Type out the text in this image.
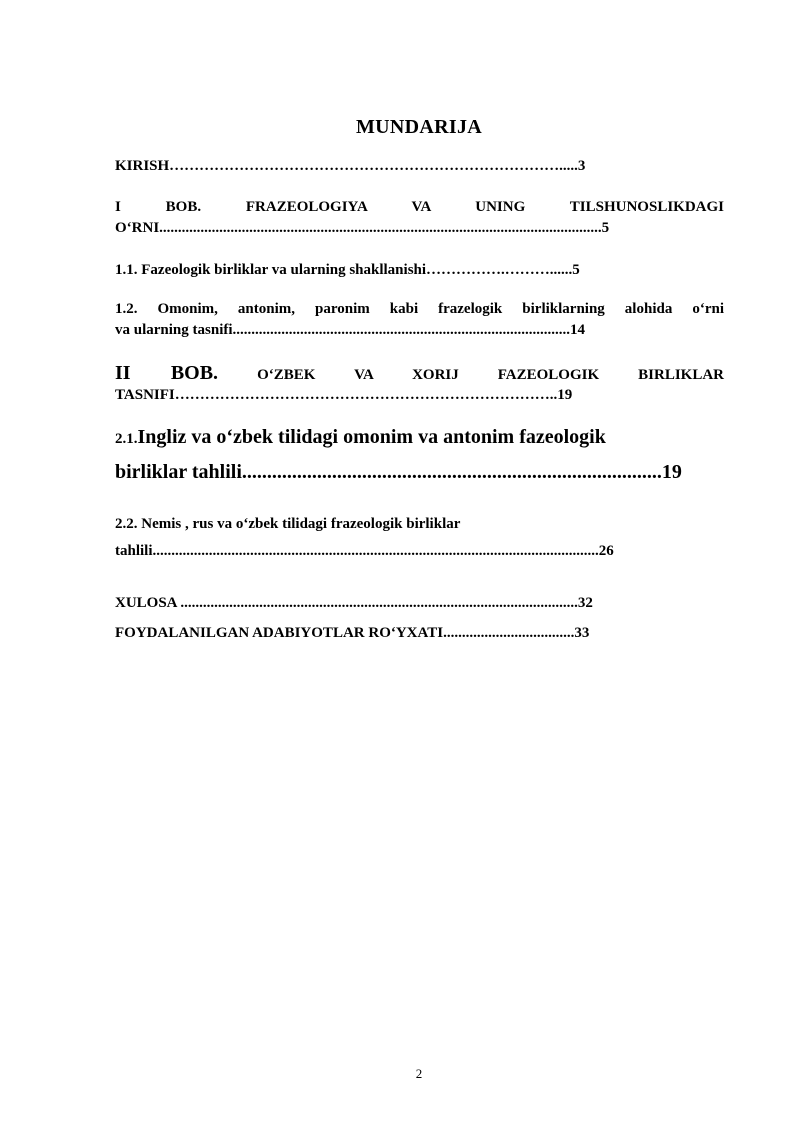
MUNDARIJA
KIRISH…………………………………………………………………….....3
I BOB. FRAZEOLOGIYA VA UNING TILSHUNOSLIKDAGI
O‘RNI......................................................................................................................5
1.1. Fazeologik birliklar va ularning shakllanishi…………….………......5
1.2. Omonim, antonim, paronim kabi frazelogik birliklarning alohida o‘rni
va ularning tasnifi..........................................................................................14
II BOB.	O‘ZBEK VA XORIJ FAZEOLOGIK BIRLIKLAR
TASNIFI…………………………………………………………………..19
2.1.Ingliz va o‘zbek tilidagi omonim va antonim fazeologik
birliklar tahlili....................................................................................19
2.2. Nemis , rus va o‘zbek tilidagi frazeologik birliklar
tahlili.......................................................................................................................26
XULOSA ..........................................................................................................32
FOYDALANILGAN ADABIYOTLAR RO‘YXATI...................................33
2
